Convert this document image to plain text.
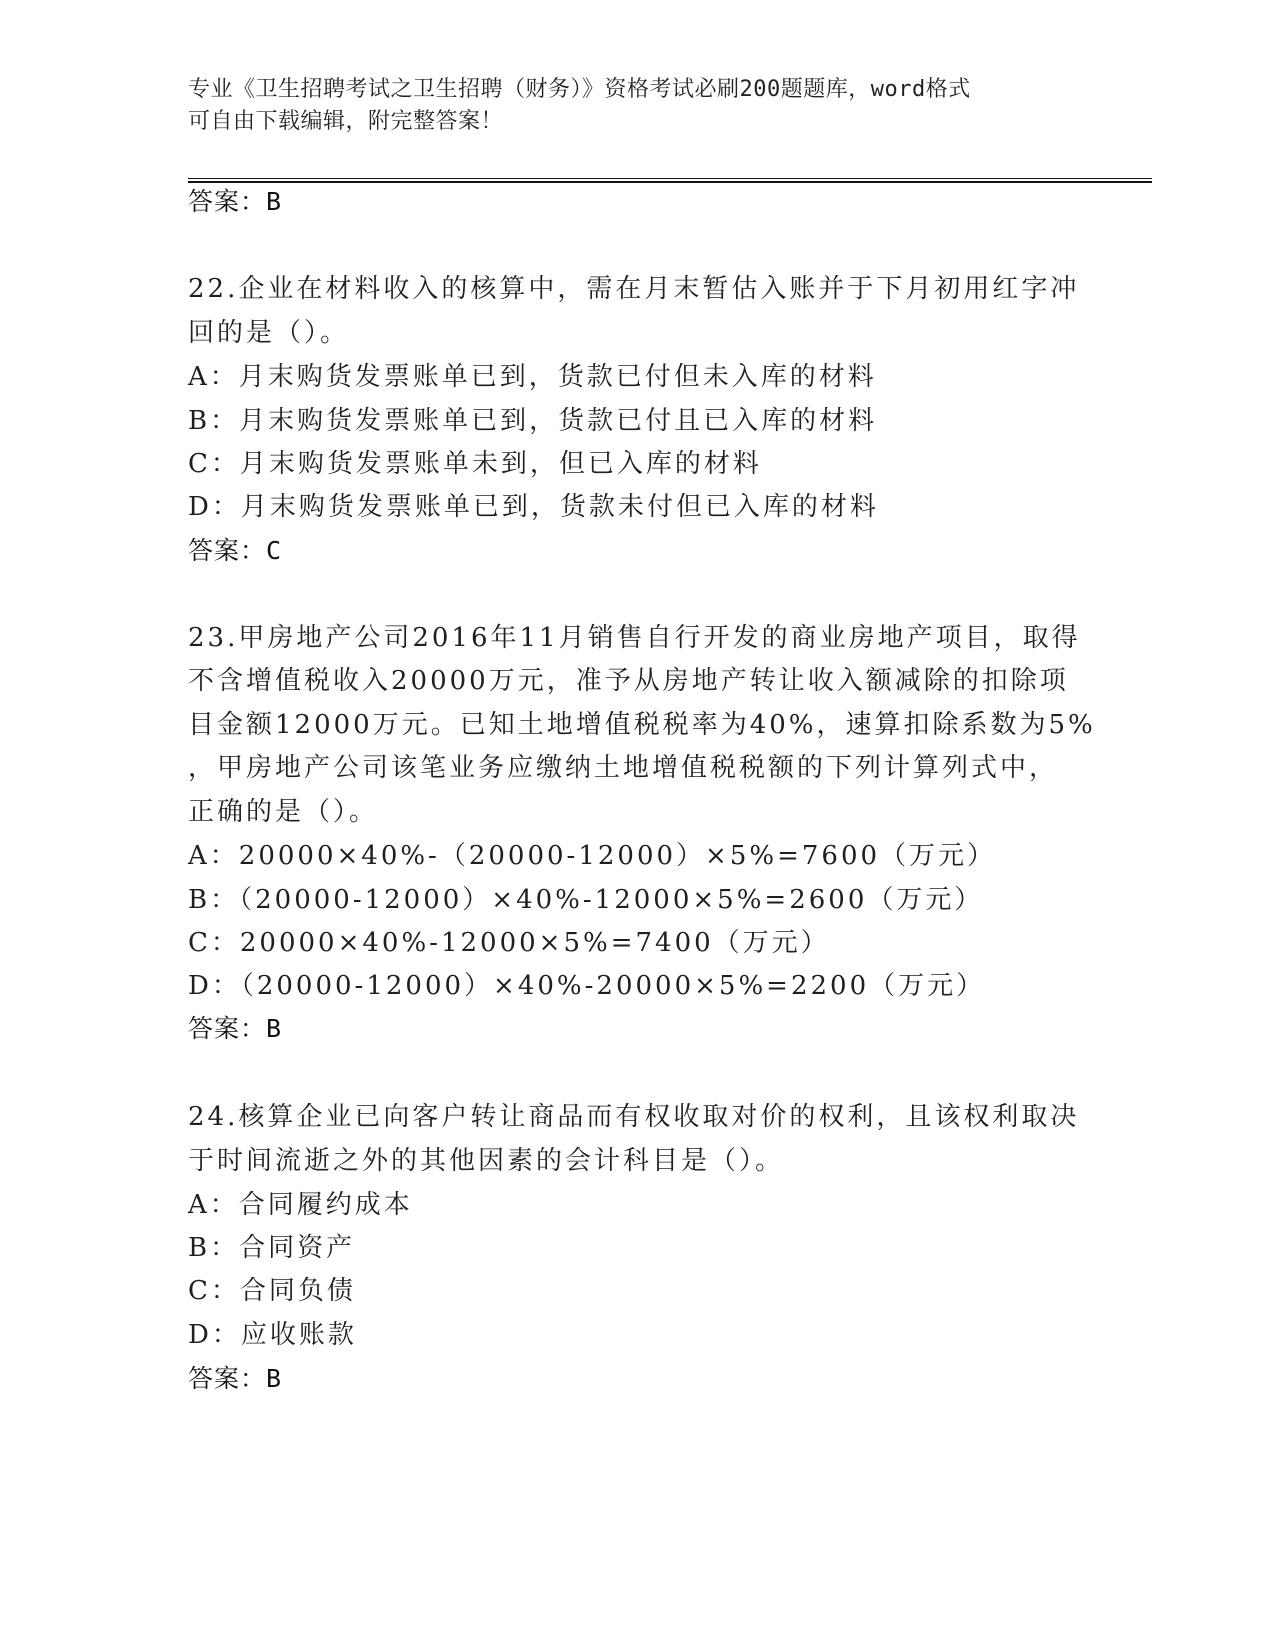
专业《卫生招聘考试之卫生招聘（财务）》资格考试必刷200题题库，word格式
可自由下载编辑，附完整答案！
答案：B
22.企业在材料收入的核算中，需在月末暂估入账并于下月初用红字冲
回的是（）。
A：月末购货发票账单已到，货款已付但未入库的材料
B：月末购货发票账单已到，货款已付且已入库的材料
C：月末购货发票账单未到，但已入库的材料
D：月末购货发票账单已到，货款未付但已入库的材料
答案：C
23.甲房地产公司2016年11月销售自行开发的商业房地产项目，取得
不含增值税收入20000万元，准予从房地产转让收入额减除的扣除项
目金额12000万元。已知土地增值税税率为40%，速算扣除系数为5%
，甲房地产公司该笔业务应缴纳土地增值税税额的下列计算列式中，
正确的是（）。
A：20000×40%-（20000-12000）×5%=7600（万元）
B：（20000-12000）×40%-12000×5%=2600（万元）
C：20000×40%-12000×5%=7400（万元）
D：（20000-12000）×40%-20000×5%=2200（万元）
答案：B
24.核算企业已向客户转让商品而有权收取对价的权利，且该权利取决
于时间流逝之外的其他因素的会计科目是（）。
A：合同履约成本
B：合同资产
C：合同负债
D：应收账款
答案：B
